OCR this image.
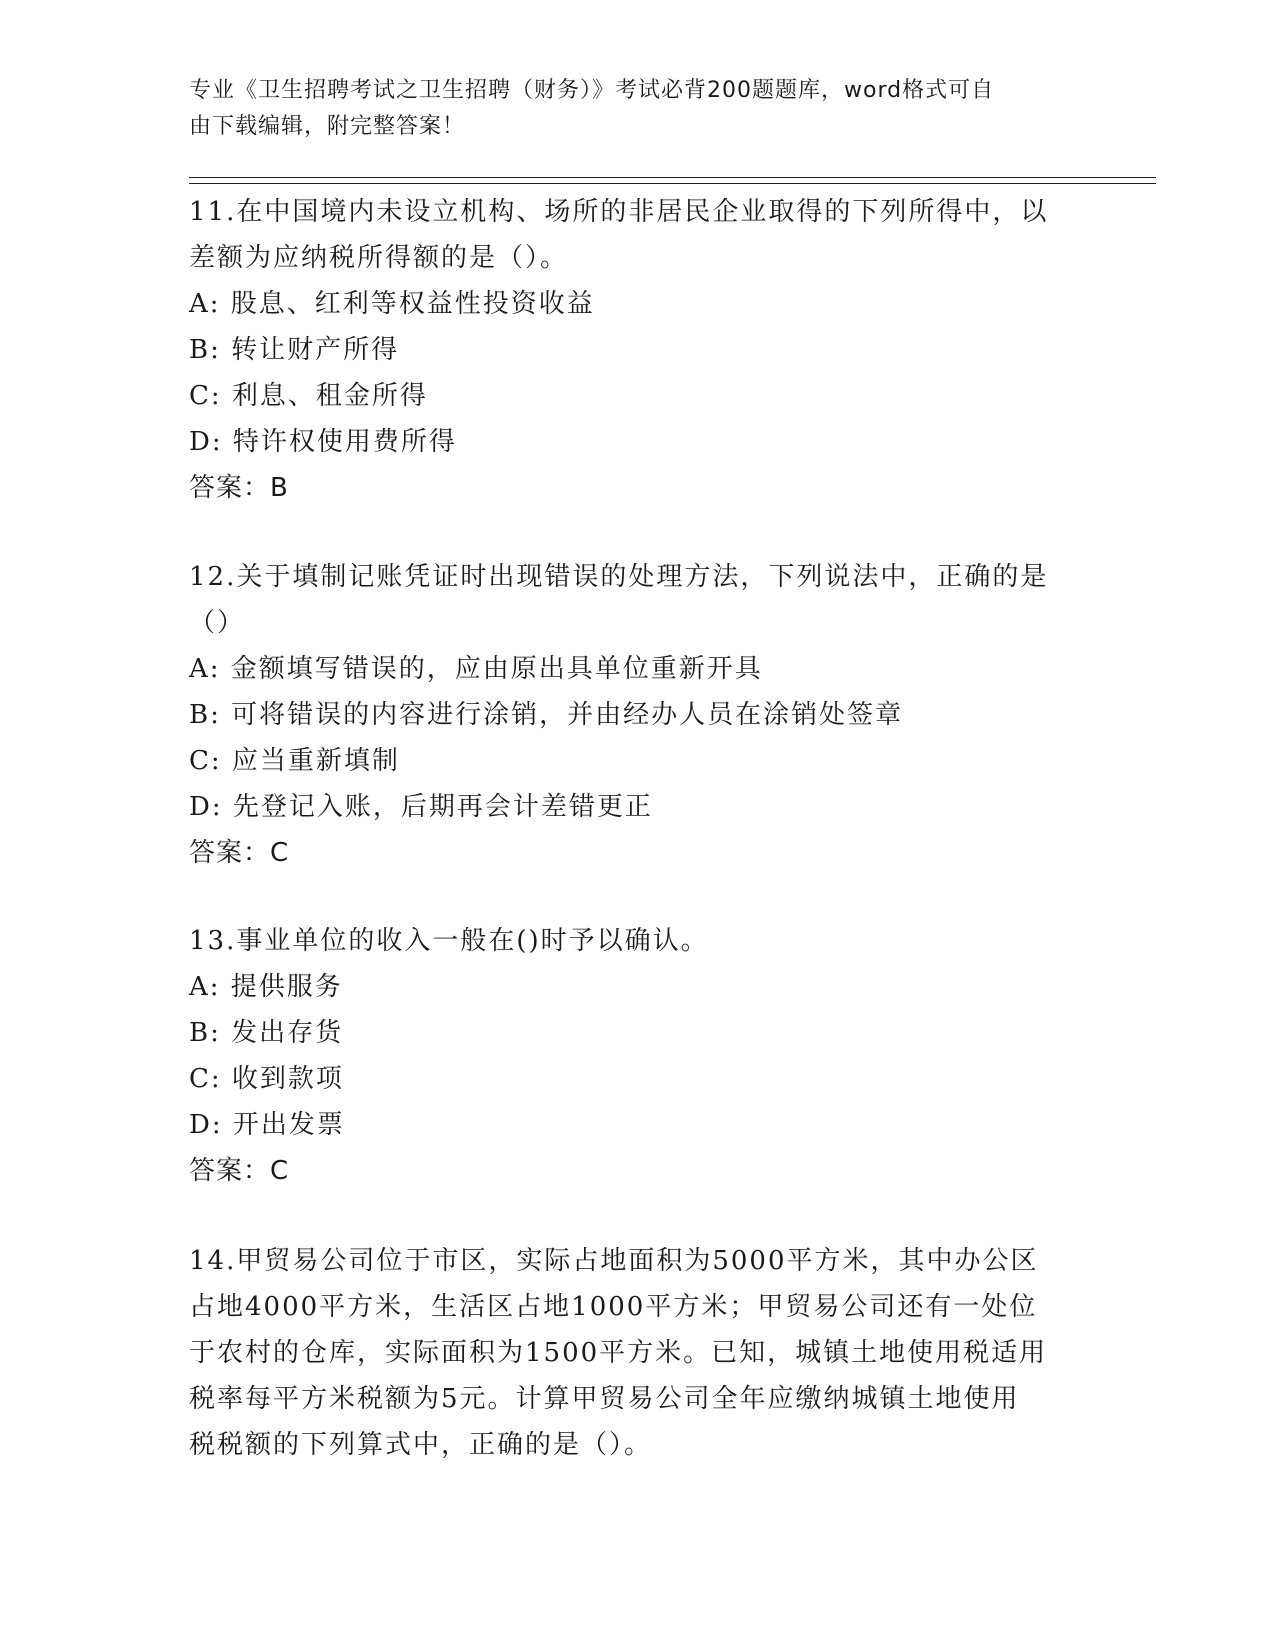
专业《卫生招聘考试之卫生招聘（财务）》考试必背200题题库，word格式可自
由下载编辑，附完整答案！
11.在中国境内未设立机构、场所的非居民企业取得的下列所得中，以
差额为应纳税所得额的是（）。
A: 股息、红利等权益性投资收益
B: 转让财产所得
C: 利息、租金所得
D: 特许权使用费所得
答案：B
12.关于填制记账凭证时出现错误的处理方法，下列说法中，正确的是
（）
A: 金额填写错误的，应由原出具单位重新开具
B: 可将错误的内容进行涂销，并由经办人员在涂销处签章
C: 应当重新填制
D: 先登记入账，后期再会计差错更正
答案：C
13.事业单位的收入一般在()时予以确认。
A: 提供服务
B: 发出存货
C: 收到款项
D: 开出发票
答案：C
14.甲贸易公司位于市区，实际占地面积为5000平方米，其中办公区
占地4000平方米，生活区占地1000平方米；甲贸易公司还有一处位
于农村的仓库，实际面积为1500平方米。已知，城镇土地使用税适用
税率每平方米税额为5元。计算甲贸易公司全年应缴纳城镇土地使用
税税额的下列算式中，正确的是（）。
